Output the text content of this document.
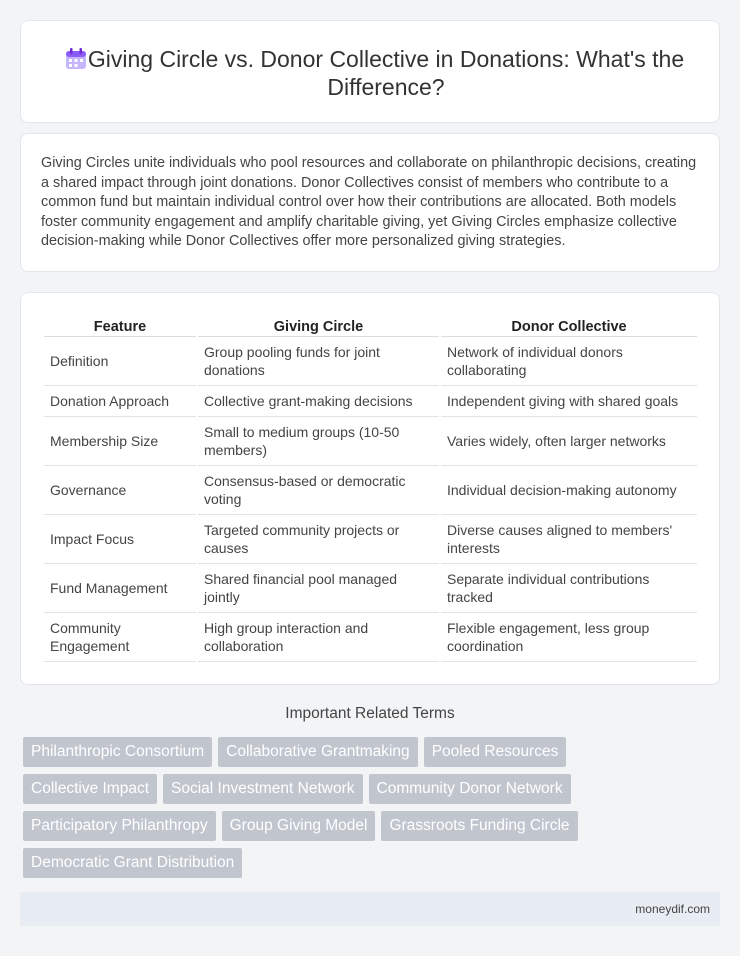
Giving Circle vs. Donor Collective in Donations: What's the Difference?

Giving Circles unite individuals who pool resources and collaborate on philanthropic decisions, creating a shared impact through joint donations. Donor Collectives consist of members who contribute to a common fund but maintain individual control over how their contributions are allocated. Both models foster community engagement and amplify charitable giving, yet Giving Circles emphasize collective decision-making while Donor Collectives offer more personalized giving strategies.

Feature	Giving Circle	Donor Collective
Definition	Group pooling funds for joint donations	Network of individual donors collaborating
Donation Approach	Collective grant-making decisions	Independent giving with shared goals
Membership Size	Small to medium groups (10-50 members)	Varies widely, often larger networks
Governance	Consensus-based or democratic voting	Individual decision-making autonomy
Impact Focus	Targeted community projects or causes	Diverse causes aligned to members' interests
Fund Management	Shared financial pool managed jointly	Separate individual contributions tracked
Community Engagement	High group interaction and collaboration	Flexible engagement, less group coordination
Important Related Terms
Philanthropic Consortium	Collaborative Grantmaking	Pooled Resources
Collective Impact	Social Investment Network	Community Donor Network
Participatory Philanthropy	Group Giving Model	Grassroots Funding Circle
Democratic Grant Distribution
moneydif.com
